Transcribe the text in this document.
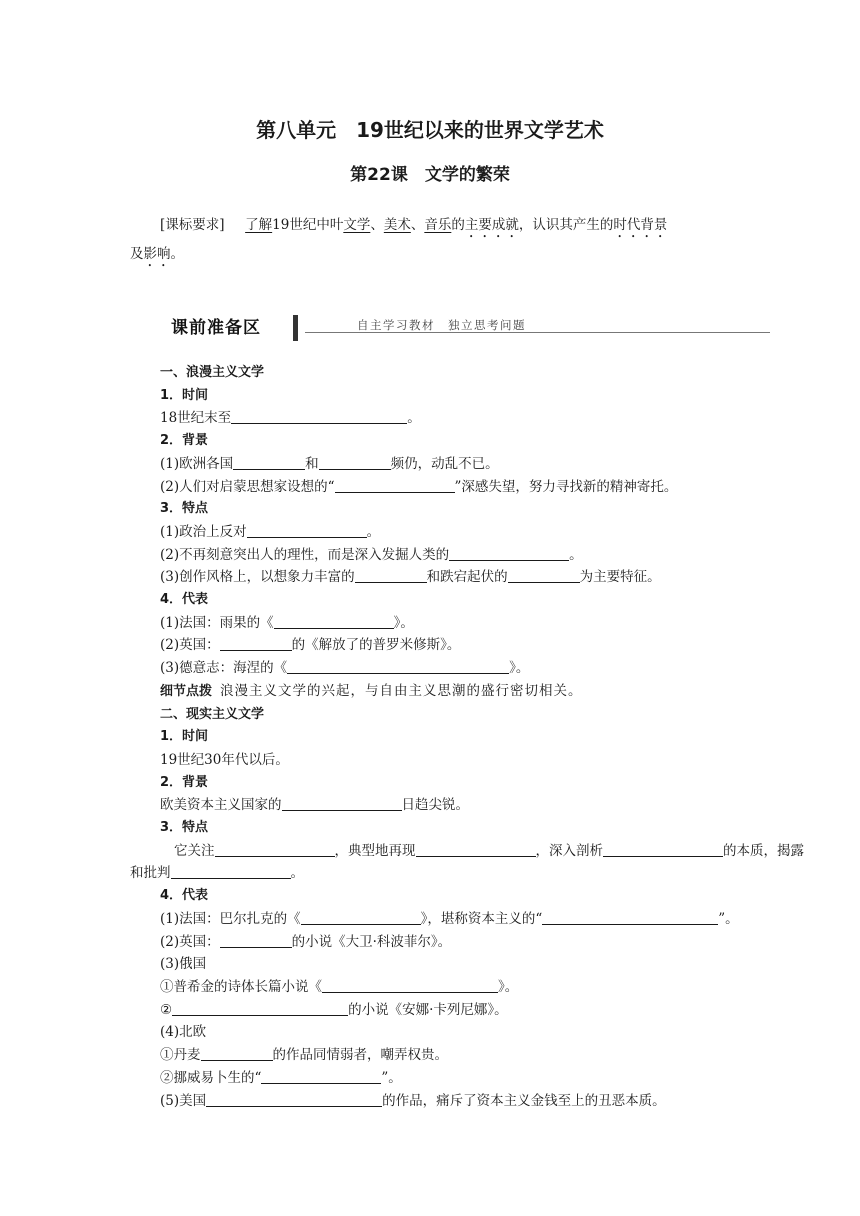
第八单元　19世纪以来的世界文学艺术
第22课　文学的繁荣
[课标要求] 了解19世纪中叶文学、美术、音乐的主要成就，认识其产生的时代背景
及影响。
课前准备区	自主学习教材　独立思考问题
一、浪漫主义文学
1．时间
18世纪末至	。
2．背景
(1)欧洲各国	和	频仍，动乱不已。
(2)人们对启蒙思想家设想的“	”深感失望，努力寻找新的精神寄托。
3．特点
(1)政治上反对	。
(2)不再刻意突出人的理性，而是深入发掘人类的	。
(3)创作风格上，以想象力丰富的	和跌宕起伏的	为主要特征。
4．代表
(1)法国：雨果的《	》。
(2)英国：	的《解放了的普罗米修斯》。
(3)德意志：海涅的《	》。
细节点拨 浪漫主义文学的兴起，与自由主义思潮的盛行密切相关。
二、现实主义文学
1．时间
19世纪30年代以后。
2．背景
欧美资本主义国家的	日趋尖锐。
3．特点
它关注	，典型地再现	，深入剖析	的本质，揭露
和批判	。
4．代表
(1)法国：巴尔扎克的《	》，堪称资本主义的“	”。
(2)英国：	的小说《大卫·科波菲尔》。
(3)俄国
①普希金的诗体长篇小说《	》。
②	的小说《安娜·卡列尼娜》。
(4)北欧
①丹麦	的作品同情弱者，嘲弄权贵。
②挪威易卜生的“	”。
(5)美国	的作品，痛斥了资本主义金钱至上的丑恶本质。
